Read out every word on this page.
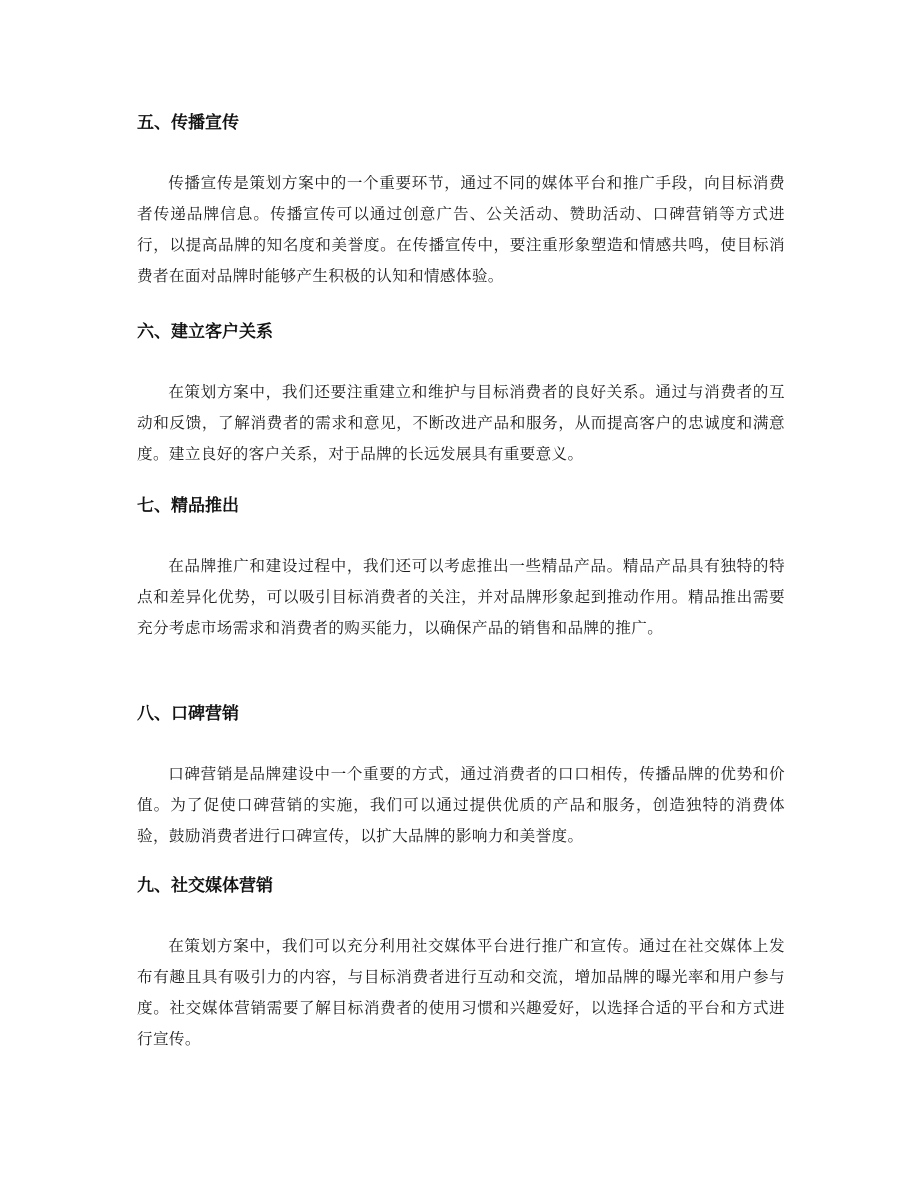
五、传播宣传

传播宣传是策划方案中的一个重要环节，通过不同的媒体平台和推广手段，向目标消费者传递品牌信息。传播宣传可以通过创意广告、公关活动、赞助活动、口碑营销等方式进行，以提高品牌的知名度和美誉度。在传播宣传中，要注重形象塑造和情感共鸣，使目标消费者在面对品牌时能够产生积极的认知和情感体验。

六、建立客户关系

在策划方案中，我们还要注重建立和维护与目标消费者的良好关系。通过与消费者的互动和反馈，了解消费者的需求和意见，不断改进产品和服务，从而提高客户的忠诚度和满意度。建立良好的客户关系，对于品牌的长远发展具有重要意义。

七、精品推出

在品牌推广和建设过程中，我们还可以考虑推出一些精品产品。精品产品具有独特的特点和差异化优势，可以吸引目标消费者的关注，并对品牌形象起到推动作用。精品推出需要充分考虑市场需求和消费者的购买能力，以确保产品的销售和品牌的推广。

八、口碑营销

口碑营销是品牌建设中一个重要的方式，通过消费者的口口相传，传播品牌的优势和价值。为了促使口碑营销的实施，我们可以通过提供优质的产品和服务，创造独特的消费体验，鼓励消费者进行口碑宣传，以扩大品牌的影响力和美誉度。

九、社交媒体营销

在策划方案中，我们可以充分利用社交媒体平台进行推广和宣传。通过在社交媒体上发布有趣且具有吸引力的内容，与目标消费者进行互动和交流，增加品牌的曝光率和用户参与度。社交媒体营销需要了解目标消费者的使用习惯和兴趣爱好，以选择合适的平台和方式进行宣传。
